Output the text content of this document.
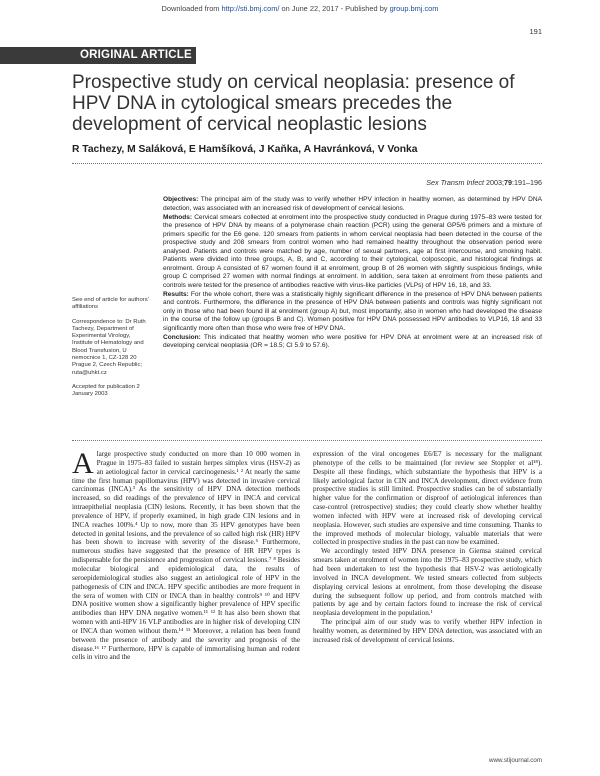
Downloaded from http://sti.bmj.com/ on June 22, 2017 - Published by group.bmj.com
191
ORIGINAL ARTICLE
Prospective study on cervical neoplasia: presence of HPV DNA in cytological smears precedes the development of cervical neoplastic lesions
R Tachezy, M Saláková, E Hamšíková, J Kaňka, A Havránková, V Vonka
Sex Transm Infect 2003;79:191–196

Objectives: The principal aim of the study was to verify whether HPV infection in healthy women, as determined by HPV DNA detection, was associated with an increased risk of development of cervical lesions.

Methods: Cervical smears collected at enrolment into the prospective study conducted in Prague during 1975–83 were tested for the presence of HPV DNA by means of a polymerase chain reaction (PCR) using the general GP5/6 primers and a mixture of primers specific for the E6 gene. 120 smears from patients in whom cervical neoplasia had been detected in the course of the prospective study and 208 smears from control women who had remained healthy throughout the observation period were analysed. Patients and controls were matched by age, number of sexual partners, age at first intercourse, and smoking habit. Patients were divided into three groups, A, B, and C, according to their cytological, colposcopic, and histological findings at enrolment. Group A consisted of 67 women found ill at enrolment, group B of 26 women with slightly suspicious findings, while group C comprised 27 women with normal findings at enrolment. In addition, sera taken at enrolment from these patients and controls were tested for the presence of antibodies reactive with virus-like particles (VLPs) of HPV 16, 18, and 33.

Results: For the whole cohort, there was a statistically highly significant difference in the presence of HPV DNA between patients and controls. Furthermore, the difference in the presence of HPV DNA between patients and controls was highly significant not only in those who had been found ill at enrolment (group A) but, most importantly, also in women who had developed the disease in the course of the follow up (groups B and C). Women positive for HPV DNA possessed HPV antibodies to VLP16, 18 and 33 significantly more often than those who were free of HPV DNA.

Conclusion: This indicated that healthy women who were positive for HPV DNA at enrolment were at an increased risk of developing cervical neoplasia (OR = 18.5; CI 5.9 to 57.6).

See end of article for authors’ affiliations

Correspondence to: Dr Ruth Tachezy, Department of Experimental Virology, Institute of Hematology and Blood Transfusion, U nemocnice 1, CZ-128 20 Prague 2, Czech Republic; ruta@uhkt.cz

Accepted for publication 2 January 2003

Alarge prospective study conducted on more than 10 000 women in Prague in 1975–83 failed to sustain herpes simplex virus (HSV-2) as an aetiological factor in cervical carcinogenesis.¹ ² At nearly the same time the first human papillomavirus (HPV) was detected in invasive cervical carcinomas (INCA).³ As the sensitivity of HPV DNA detection methods increased, so did readings of the prevalence of HPV in INCA and cervical intraepithelial neoplasia (CIN) lesions. Recently, it has been shown that the prevalence of HPV, if properly examined, in high grade CIN lesions and in INCA reaches 100%.⁴ Up to now, more than 35 HPV genotypes have been detected in genital lesions, and the prevalence of so called high risk (HR) HPV has been shown to increase with severity of the disease.⁵ Furthermore, numerous studies have suggested that the presence of HR HPV types is indispensable for the persistence and progression of cervical lesions.⁷ ⁸ Besides molecular biological and epidemiological data, the results of seroepidemiological studies also suggest an aetiological role of HPV in the pathogenesis of CIN and INCA. HPV specific antibodies are more frequent in the sera of women with CIN or INCA than in healthy controls⁹ ¹⁰ and HPV DNA positive women show a significantly higher prevalence of HPV specific antibodies than HPV DNA negative women.¹¹ ¹² It has also been shown that women with anti-HPV 16 VLP antibodies are in higher risk of developing CIN or INCA than women without them.¹⁴ ¹⁵ Moreover, a relation has been found between the presence of antibody and the severity and prognosis of the disease.¹⁶ ¹⁷ Furthermore, HPV is capable of immortalising human and rodent cells in vitro and the

expression of the viral oncogenes E6/E7 is necessary for the malignant phenotype of the cells to be maintained (for review see Stoppler et al¹⁸). Despite all these findings, which substantiate the hypothesis that HPV is a likely aetiological factor in CIN and INCA development, direct evidence from prospective studies is still limited. Prospective studies can be of substantially higher value for the confirmation or disproof of aetiological inferences than case-control (retrospective) studies; they could clearly show whether healthy women infected with HPV were at increased risk of developing cervical neoplasia. However, such studies are expensive and time consuming. Thanks to the improved methods of molecular biology, valuable materials that were collected in prospective studies in the past can now be examined.

We accordingly tested HPV DNA presence in Giemsa stained cervical smears taken at enrolment of women into the 1975–83 prospective study, which had been undertaken to test the hypothesis that HSV-2 was aetiologically involved in INCA development. We tested smears collected from subjects displaying cervical lesions at enrolment, from those developing the disease during the subsequent follow up period, and from controls matched with patients by age and by certain factors found to increase the risk of cervical neoplasia development in the population.¹

The principal aim of our study was to verify whether HPV infection in healthy women, as determined by HPV DNA detection, was associated with an increased risk of development of cervical lesions.

www.stijournal.com
